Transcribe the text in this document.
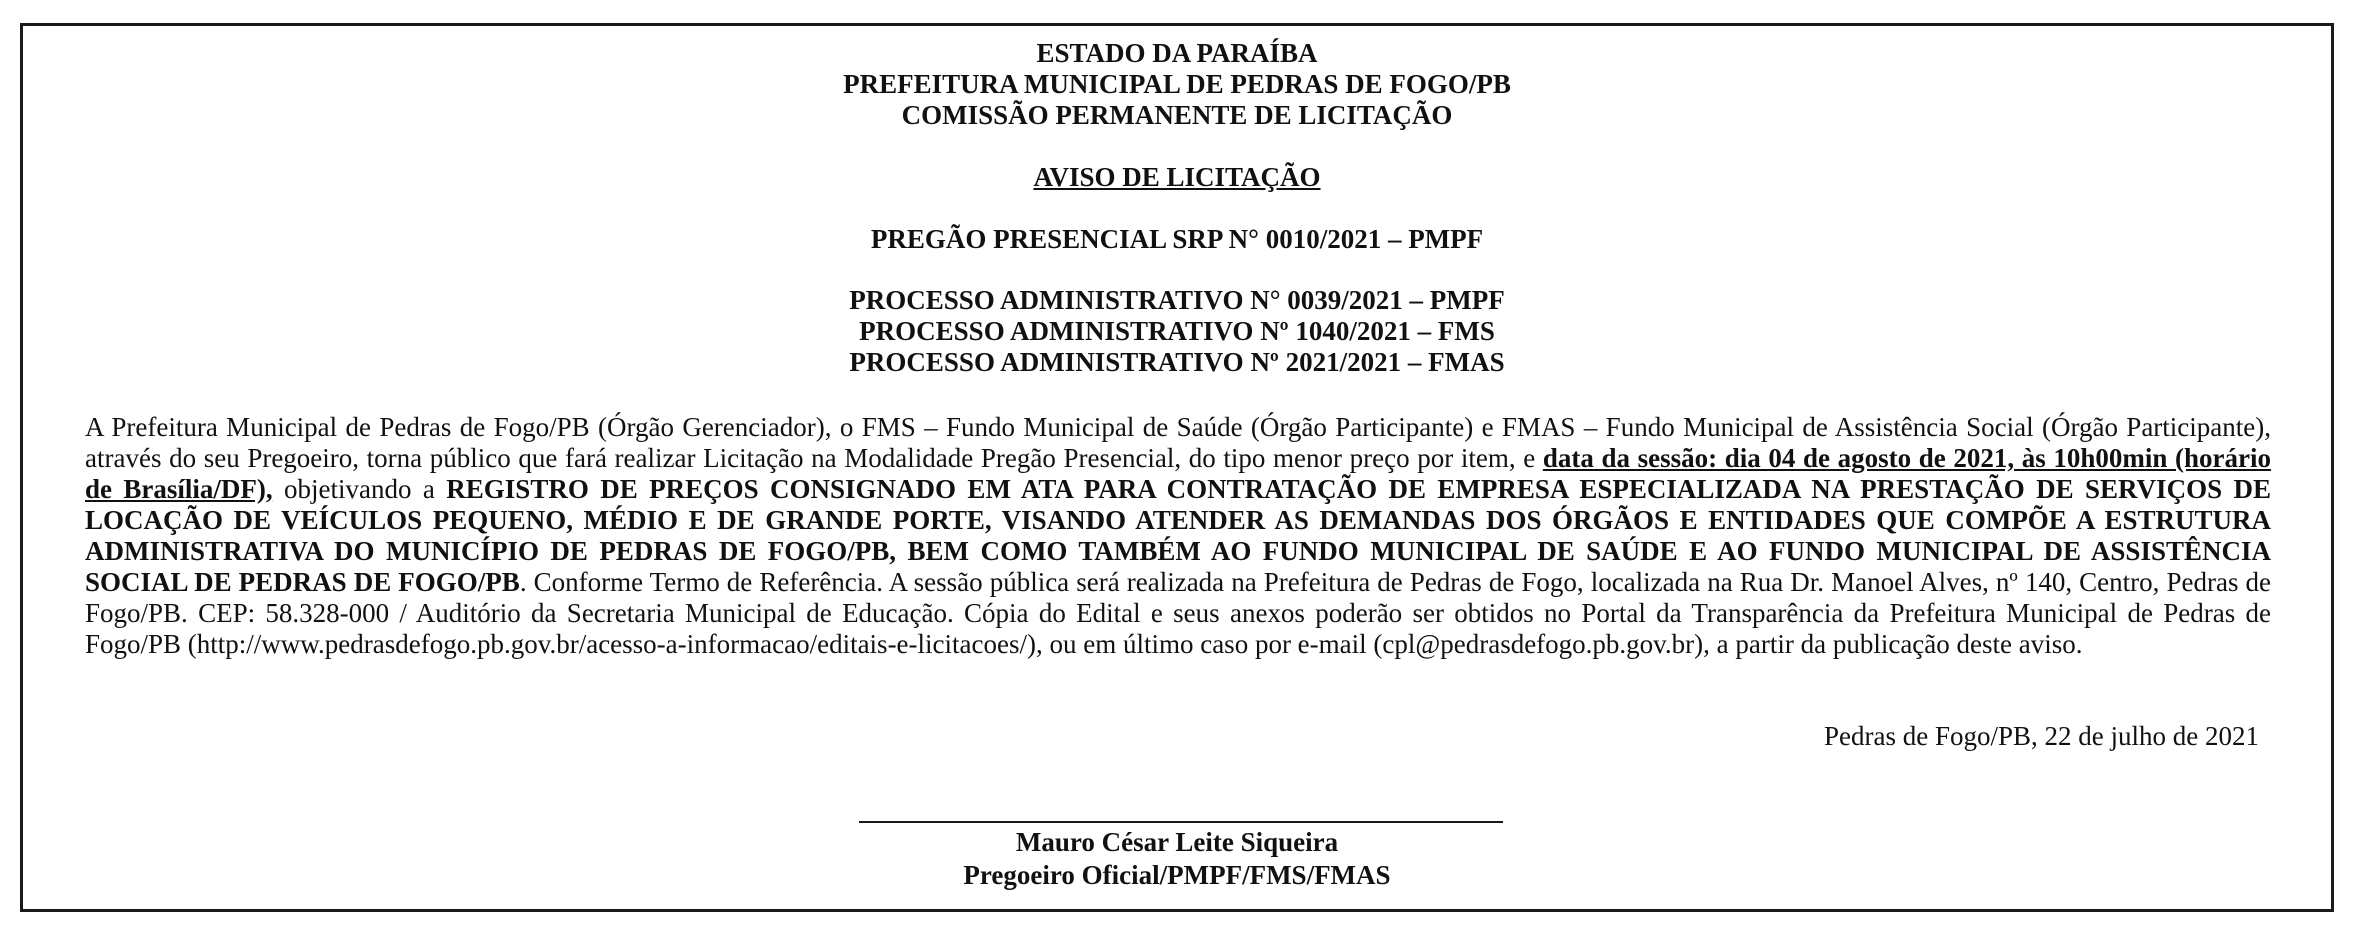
ESTADO DA PARAÍBA
PREFEITURA MUNICIPAL DE PEDRAS DE FOGO/PB
COMISSÃO PERMANENTE DE LICITAÇÃO
AVISO DE LICITAÇÃO
PREGÃO PRESENCIAL SRP N° 0010/2021 – PMPF
PROCESSO ADMINISTRATIVO N° 0039/2021 – PMPF
PROCESSO ADMINISTRATIVO Nº 1040/2021 – FMS
PROCESSO ADMINISTRATIVO Nº 2021/2021 – FMAS
A Prefeitura Municipal de Pedras de Fogo/PB (Órgão Gerenciador), o FMS – Fundo Municipal de Saúde (Órgão Participante) e FMAS – Fundo Municipal de Assistência Social (Órgão Participante), através do seu Pregoeiro, torna público que fará realizar Licitação na Modalidade Pregão Presencial, do tipo menor preço por item, e data da sessão: dia 04 de agosto de 2021, às 10h00min (horário de Brasília/DF), objetivando a REGISTRO DE PREÇOS CONSIGNADO EM ATA PARA CONTRATAÇÃO DE EMPRESA ESPECIALIZADA NA PRESTAÇÃO DE SERVIÇOS DE LOCAÇÃO DE VEÍCULOS PEQUENO, MÉDIO E DE GRANDE PORTE, VISANDO ATENDER AS DEMANDAS DOS ÓRGÃOS E ENTIDADES QUE COMPÕE A ESTRUTURA ADMINISTRATIVA DO MUNICÍPIO DE PEDRAS DE FOGO/PB, BEM COMO TAMBÉM AO FUNDO MUNICIPAL DE SAÚDE E AO FUNDO MUNICIPAL DE ASSISTÊNCIA SOCIAL DE PEDRAS DE FOGO/PB. Conforme Termo de Referência. A sessão pública será realizada na Prefeitura de Pedras de Fogo, localizada na Rua Dr. Manoel Alves, nº 140, Centro, Pedras de Fogo/PB. CEP: 58.328-000 / Auditório da Secretaria Municipal de Educação. Cópia do Edital e seus anexos poderão ser obtidos no Portal da Transparência da Prefeitura Municipal de Pedras de Fogo/PB (http://www.pedrasdefogo.pb.gov.br/acesso-a-informacao/editais-e-licitacoes/), ou em último caso por e-mail (cpl@pedrasdefogo.pb.gov.br), a partir da publicação deste aviso.
Pedras de Fogo/PB, 22 de julho de 2021
Mauro César Leite Siqueira
Pregoeiro Oficial/PMPF/FMS/FMAS
